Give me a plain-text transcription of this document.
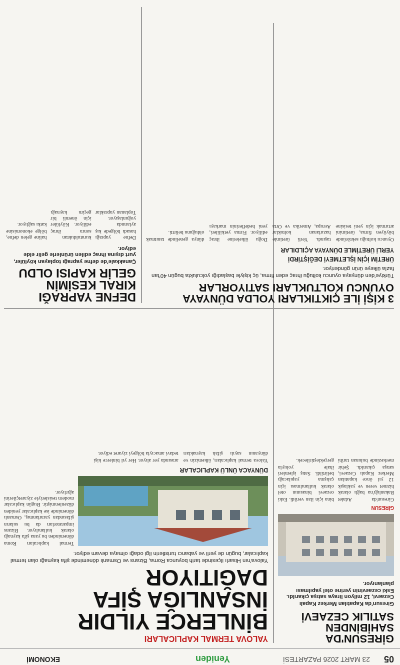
05
23 MART 2026 PAZARTESİ
Yeniden
EKONOMİ
GİRESUN'DA SAHİBİNDEN
SATILIK CEZAEVİ
Giresun'da Kapatılan Merkez Kapalı Cezaevi, 12 milyon liraya satışa çıkarıldı. Eski cezaevinin yerine otel yapılması planlanıyor.
GİRESUN
Giresun'da Adalet Bakanlığı'na bağlı olarak hizmet veren ve yaklaşık 12 yıl önce kapatılan Merkez Kapalı Cezaevi, satışa çıkarıldı. Şehir merkezinde bulunan tarihi bina için ilan verildi. Eski cezaevi binasının otel olarak kullanılması için çalışma yapılacağı belirtildi. Satış işlemleri ihale yoluyla gerçekleştirilecek.
YALOVA TERMAL KAPLICALARI
BİNLERCE YILDIR
İNSANLIĞA ŞİFA
DAĞITIYOR
Yalova'nın Hisarlı ilçesinde tarih boyunca Roma, Bizans ve Osmanlı döneminde şifa kaynağı olan termal kaplıcalar, bugün de yerli ve yabancı turistlerin ilgi odağı olmaya devam ediyor.
Termal kaplıcaları Roma döneminden bu yana şifa kaynağı olarak kullanılıyor. Bizans imparatorları da bu suların şifasından yararlanmış, Osmanlı döneminde ise kaplıcalar yeniden düzenlenmiştir. Bugün kaplıcalar modern tesisleriyle ziyaretçilerini ağırlıyor.
DÜNYACA ÜNLÜ KAPLICALAR
Yalova termal kaplıcaları, ülkemizin ve dünyanın sayılı şifalı kaynakları arasında yer alıyor. Her yıl binlerce kişi tedavi amacıyla bölgeyi ziyaret ediyor.
DEFNE YAPRAĞI
KIRAL KESİMİN
GELİR KAPISI OLDU
Çanakkale'de defne yaprağı toplayan köylüler, yurt dışına ihraç edilen ürünlerle gelir elde ediyor.
Defne yaprağı hasadı bölgede kış aylarında yoğunlaşıyor. Toplanan yapraklar kurutulduktan sonra ihraç ediliyor. Köylüler için önemli bir geçim kaynağı haline gelen defne, bölge ekonomisine katkı sağlıyor.
3 KİŞİ İLE ÇIKTIKLARI YOLDA DÜNYAYA
OYUNCU KOLTUKLARI SATIYORLAR
Türkiye'den dünyaya oyuncu koltuğu ihraç eden firma, üç kişiyle başladığı yolculukta bugün 40'tan fazla ülkeye ürün gönderiyor.
ÜRETİM İÇİN İŞLETMEYİ DEĞİŞTİRDİ
YERLİ ÜRETİMLE DÜNYAYA AÇILDILAR
Oyuncu koltuğu sektöründe büyüyen firma, üretimini artırmak için yeni tesisine taşındı. Yerli üretimle hazırlanan koltuklar Avrupa, Amerika ve Orta Doğu ülkelerine ihraç ediliyor. Firma yetkilileri, yeni hedeflerinin markayı dünya genelinde tanıtmak olduğunu belirtti.
